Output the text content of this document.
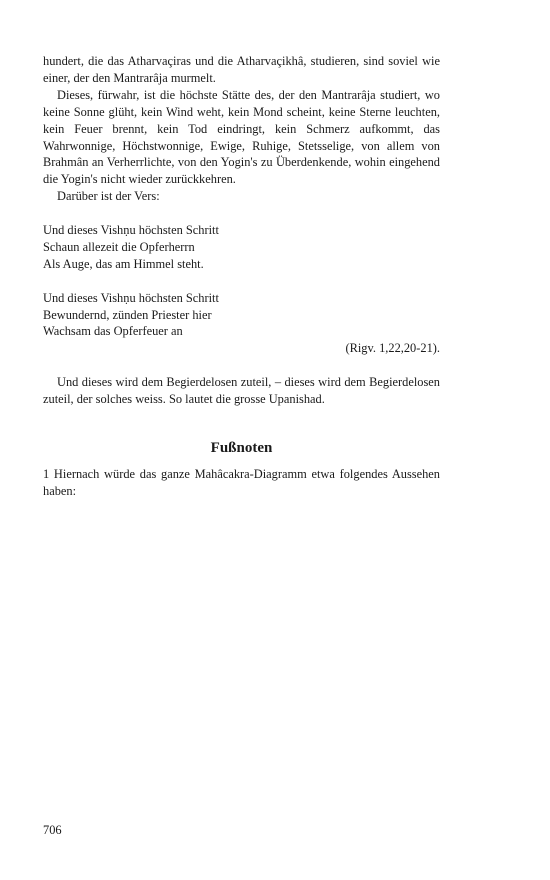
hundert, die das Atharvaçiras und die Atharvaçikhâ, studieren, sind soviel wie einer, der den Mantrarâja murmelt.

Dieses, fürwahr, ist die höchste Stätte des, der den Mantrarâja studiert, wo keine Sonne glüht, kein Wind weht, kein Mond scheint, keine Sterne leuchten, kein Feuer brennt, kein Tod eindringt, kein Schmerz aufkommt, das Wahrwonnige, Höchstwonnige, Ewige, Ruhige, Stetsselige, von allem von Brahmân an Verherrlichte, von den Yogin's zu Überdenkende, wohin eingehend die Yogin's nicht wieder zurückkehren.

Darüber ist der Vers:

Und dieses Vishṇu höchsten Schritt
Schaun allezeit die Opferherrn
Als Auge, das am Himmel steht.
Und dieses Vishṇu höchsten Schritt
Bewundernd, zünden Priester hier
Wachsam das Opferfeuer an
(Rigv. 1,22,20-21).

Und dieses wird dem Begierdelosen zuteil, – dieses wird dem Begierdelosen zuteil, der solches weiss. So lautet die grosse Upanishad.

Fußnoten

1 Hiernach würde das ganze Mahâcakra-Diagramm etwa folgendes Aussehen haben:

706
